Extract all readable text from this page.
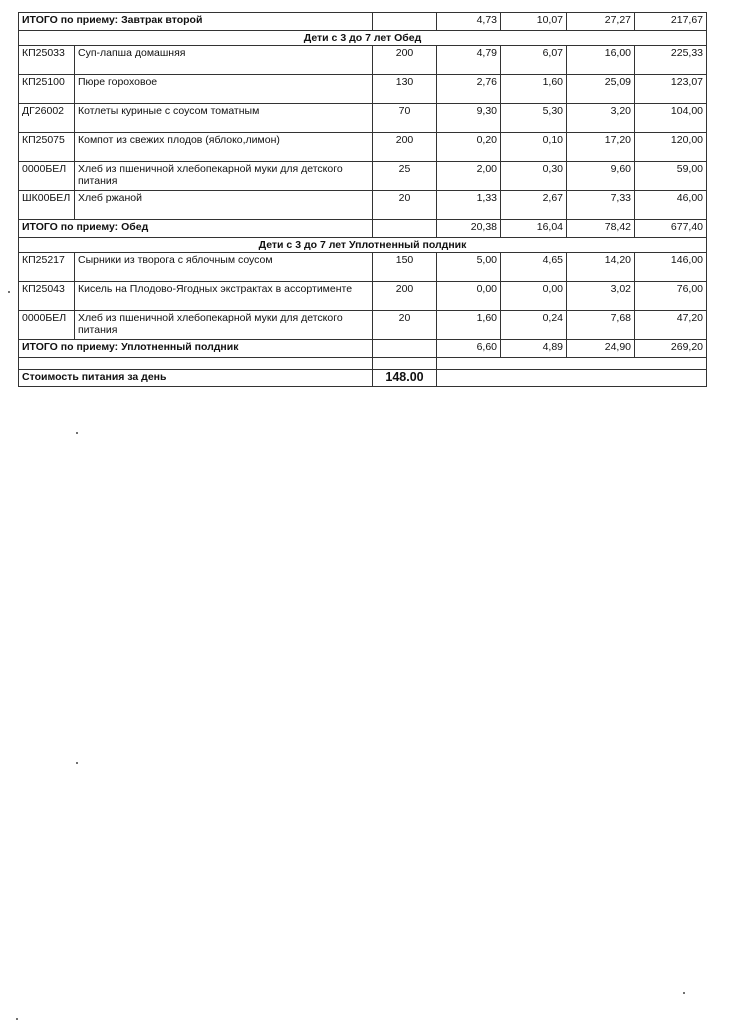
ИТОГО по приему: Завтрак второй			4,73	10,07	27,27	217,67
Дети с 3 до 7 лет Обед						
КП25033	Суп-лапша домашняя	200	4,79	6,07	16,00	225,33
КП25100	Пюре гороховое	130	2,76	1,60	25,09	123,07
ДГ26002	Котлеты куриные с соусом томатным	70	9,30	5,30	3,20	104,00
КП25075	Компот из свежих плодов (яблоко,лимон)	200	0,20	0,10	17,20	120,00
0000БЕЛ	Хлеб из пшеничной хлебопекарной муки для детского питания	25	2,00	0,30	9,60	59,00
ШК00БЕЛ	Хлеб ржаной	20	1,33	2,67	7,33	46,00
ИТОГО по приему: Обед			20,38	16,04	78,42	677,40
Дети с 3 до 7 лет Уплотненный полдник						
КП25217	Сырники из творога с яблочным соусом	150	5,00	4,65	14,20	146,00
КП25043	Кисель на Плодово-Ягодных экстрактах в ассортименте	200	0,00	0,00	3,02	76,00
0000БЕЛ	Хлеб из пшеничной хлебопекарной муки для детского питания	20	1,60	0,24	7,68	47,20
ИТОГО по приему: Уплотненный полдник			6,60	4,89	24,90	269,20

Стоимость питания за день		148.00				
